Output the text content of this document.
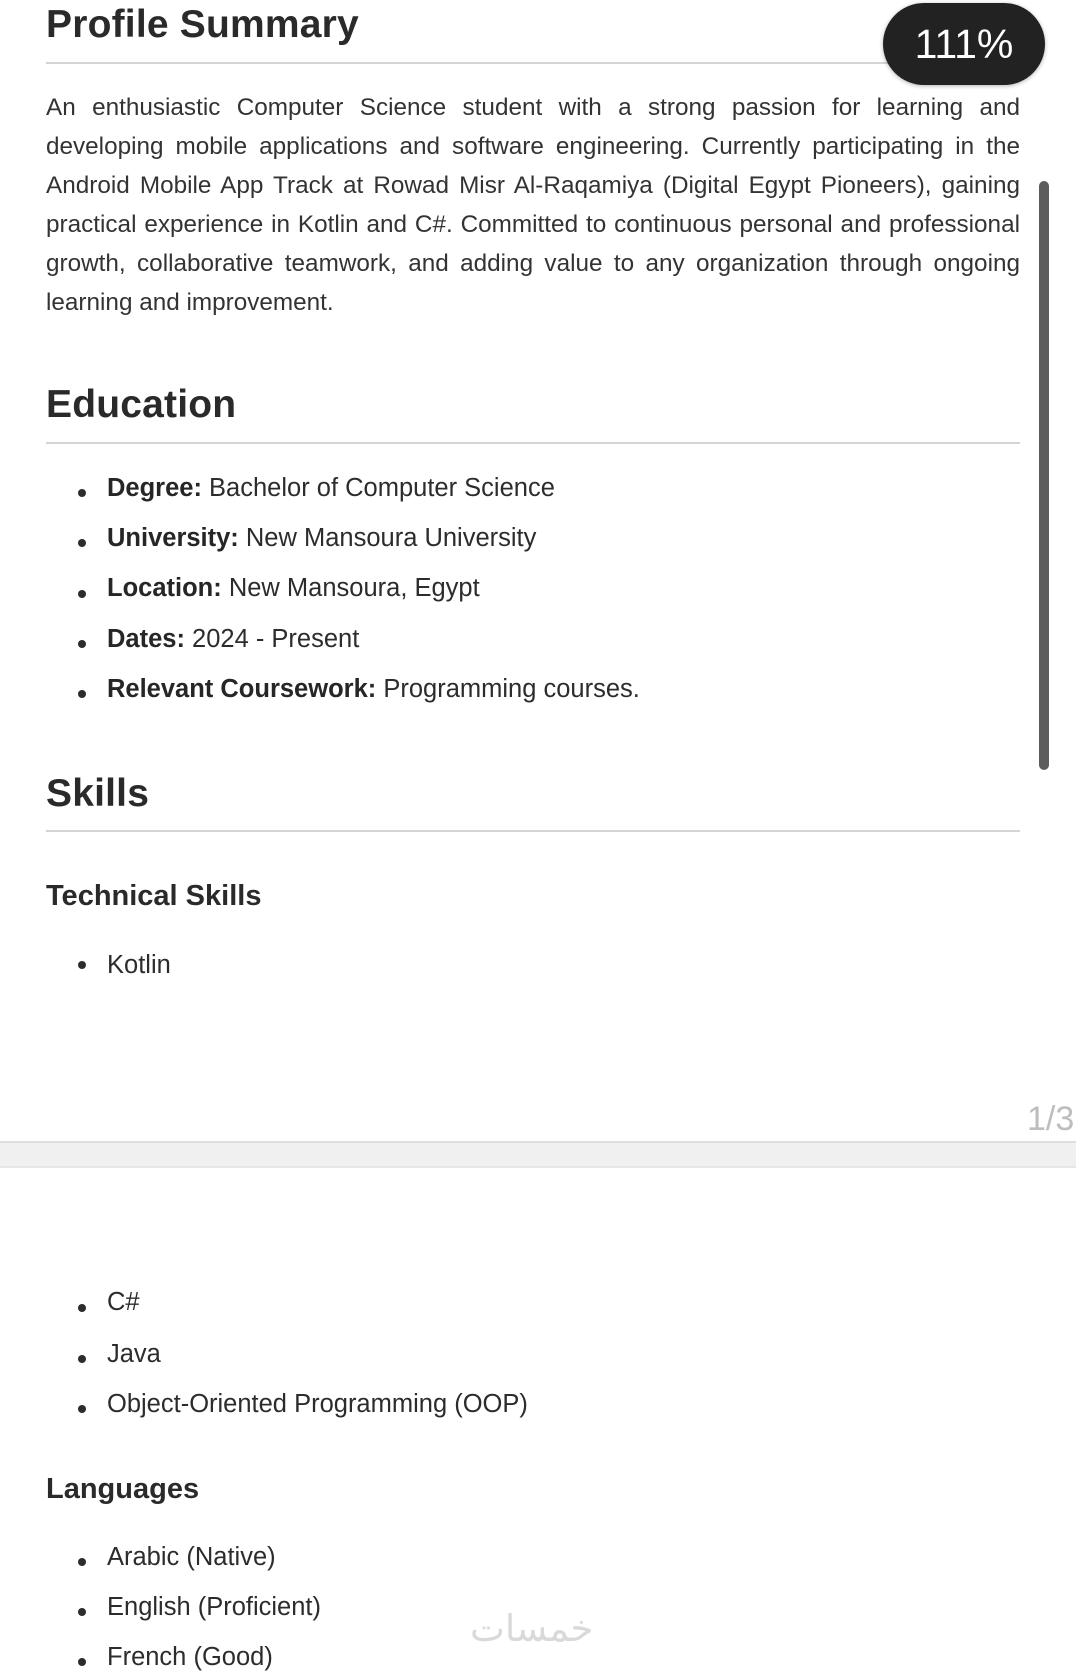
Profile Summary

An enthusiastic Computer Science student with a strong passion for learning and developing mobile applications and software engineering. Currently participating in the Android Mobile App Track at Rowad Misr Al-Raqamiya (Digital Egypt Pioneers), gaining practical experience in Kotlin and C#. Committed to continuous personal and professional growth, collaborative teamwork, and adding value to any organization through ongoing learning and improvement.

Education
Degree: Bachelor of Computer Science
University: New Mansoura University
Location: New Mansoura, Egypt
Dates: 2024 - Present
Relevant Coursework: Programming courses.
Skills
Technical Skills
Kotlin
1/3
C#
Java
Object-Oriented Programming (OOP)
Languages
Arabic (Native)
English (Proficient)
French (Good)
خمسات
111%
